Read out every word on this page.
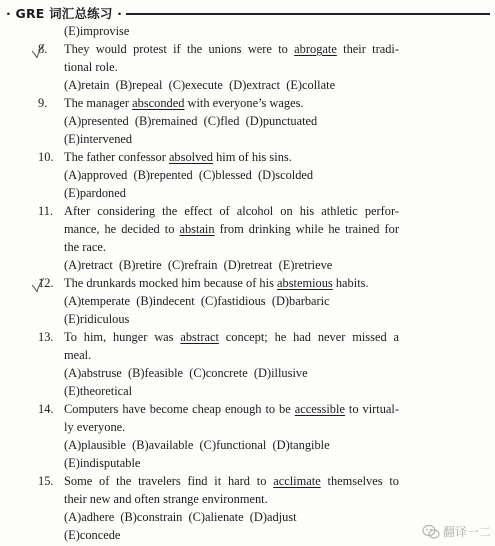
· GRE 词汇总练习 ·
(E)improvise
8.	They would protest if the unions were to abrogate their tradi-
tional role.
(A)retain  (B)repeal  (C)execute  (D)extract  (E)collate
9.	The manager absconded with everyone’s wages.
(A)presented  (B)remained  (C)fled  (D)punctuated
(E)intervened
10. The father confessor absolved him of his sins.
(A)approved  (B)repented  (C)blessed  (D)scolded
(E)pardoned
11. After considering the effect of alcohol on his athletic perfor-
mance, he decided to abstain from drinking while he trained for
the race.
(A)retract  (B)retire  (C)refrain  (D)retreat  (E)retrieve
12. The drunkards mocked him because of his abstemious habits.
(A)temperate  (B)indecent  (C)fastidious  (D)barbaric
(E)ridiculous
13. To him, hunger was abstract concept; he had never missed a
meal.
(A)abstruse  (B)feasible  (C)concrete  (D)illusive
(E)theoretical
14. Computers have become cheap enough to be accessible to virtual-
ly everyone.
(A)plausible  (B)available  (C)functional  (D)tangible
(E)indisputable
15. Some of the travelers find it hard to acclimate themselves to
their new and often strange environment.
(A)adhere  (B)constrain  (C)alienate  (D)adjust
(E)concede	翻译一二
